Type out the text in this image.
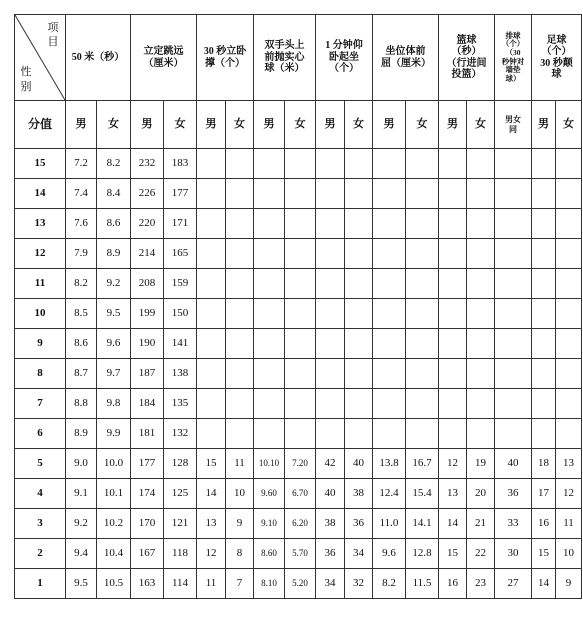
项目
性别	50 米（秒）		立定跳远（厘米）		30 秒立卧撑（个）		双手头上前抛实心球（米）		1 分钟仰卧起坐（个）		坐位体前屈（厘米）		篮球（秒）（行进间投篮）		排球（个）（30 秒钟对墙垫球）	足球（个）30 秒颠球	

分值	男	女	男	女	男	女	男	女	男	女	男	女	男	女	男女同	男	女
15	7.2	8.2	232	183													
14	7.4	8.4	226	177													
13	7.6	8.6	220	171													
12	7.9	8.9	214	165													
11	8.2	9.2	208	159													
10	8.5	9.5	199	150													
9	8.6	9.6	190	141													
8	8.7	9.7	187	138													
7	8.8	9.8	184	135													
6	8.9	9.9	181	132													
5	9.0	10.0	177	128	15	11	10.10	7.20	42	40	13.8	16.7	12	19	40	18	13
4	9.1	10.1	174	125	14	10	9.60	6.70	40	38	12.4	15.4	13	20	36	17	12
3	9.2	10.2	170	121	13	9	9.10	6.20	38	36	11.0	14.1	14	21	33	16	11
2	9.4	10.4	167	118	12	8	8.60	5.70	36	34	9.6	12.8	15	22	30	15	10
1	9.5	10.5	163	114	11	7	8.10	5.20	34	32	8.2	11.5	16	23	27	14	9
